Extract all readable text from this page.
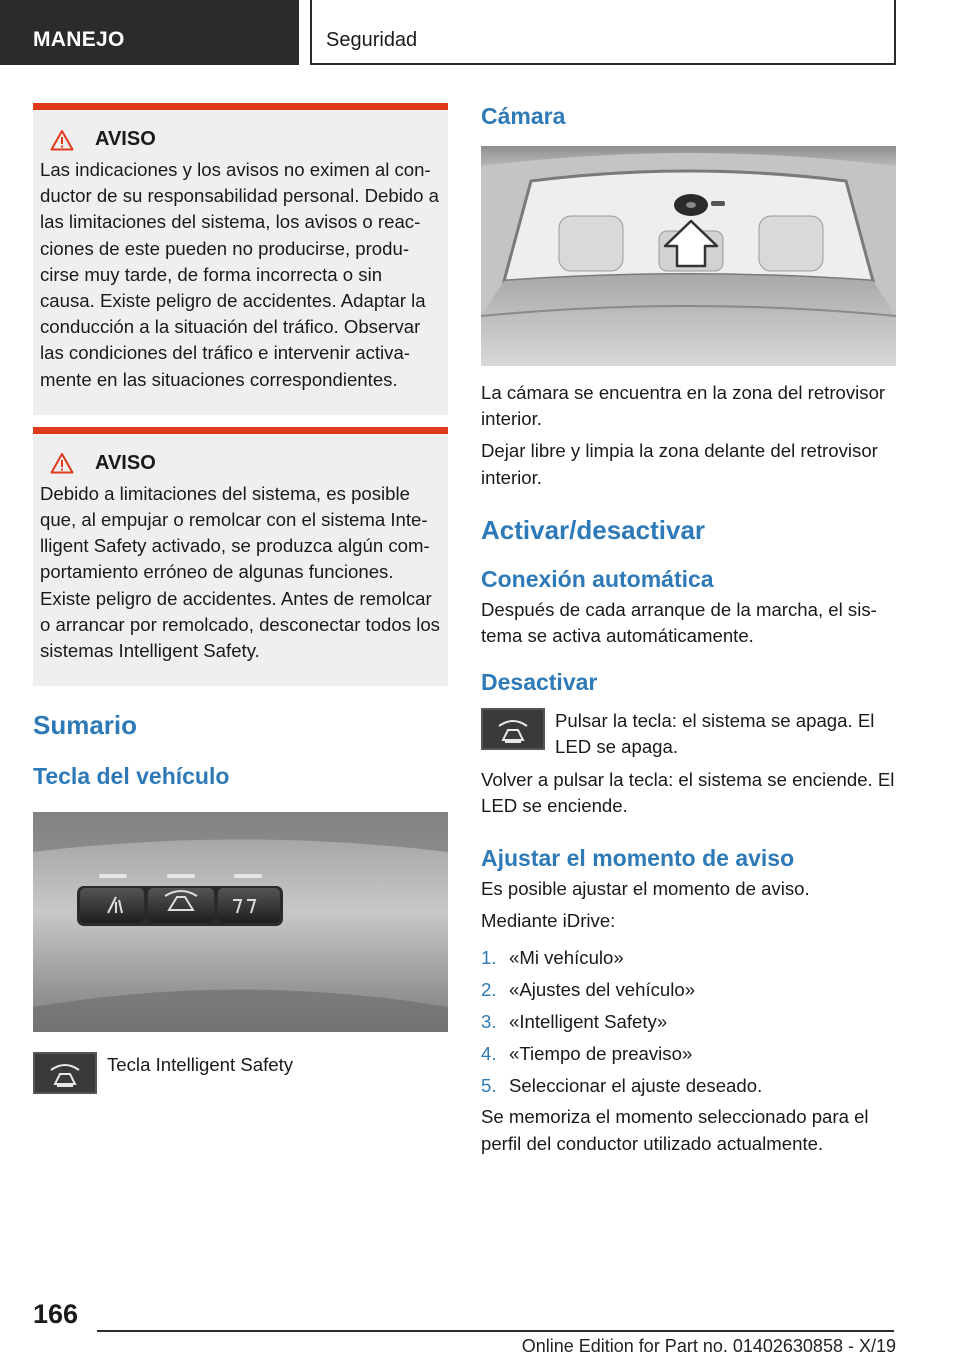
MANEJO	Seguridad
AVISO
Las indicaciones y los avisos no eximen al con-ductor de su responsabilidad personal. Debido a las limitaciones del sistema, los avisos o reac-ciones de este pueden no producirse, produ-cirse muy tarde, de forma incorrecta o sin causa. Existe peligro de accidentes. Adaptar la conducción a la situación del tráfico. Observar las condiciones del tráfico e intervenir activa-mente en las situaciones correspondientes.
AVISO
Debido a limitaciones del sistema, es posible que, al empujar o remolcar con el sistema Inte-lligent Safety activado, se produzca algún com-portamiento erróneo de algunas funciones. Existe peligro de accidentes. Antes de remolcar o arrancar por remolcado, desconectar todos los sistemas Intelligent Safety.
Sumario
Tecla del vehículo
Tecla Intelligent Safety
Cámara
La cámara se encuentra en la zona del retrovisor interior.
Dejar libre y limpia la zona delante del retrovisor interior.
Activar/desactivar
Conexión automática
Después de cada arranque de la marcha, el sis-tema se activa automáticamente.
Desactivar
Pulsar la tecla: el sistema se apaga. El LED se apaga.
Volver a pulsar la tecla: el sistema se enciende. El LED se enciende.
Ajustar el momento de aviso
Es posible ajustar el momento de aviso.
Mediante iDrive:
1. «Mi vehículo»
2. «Ajustes del vehículo»
3. «Intelligent Safety»
4. «Tiempo de preaviso»
5. Seleccionar el ajuste deseado.
Se memoriza el momento seleccionado para el perfil del conductor utilizado actualmente.
166
Online Edition for Part no. 01402630858 - X/19
